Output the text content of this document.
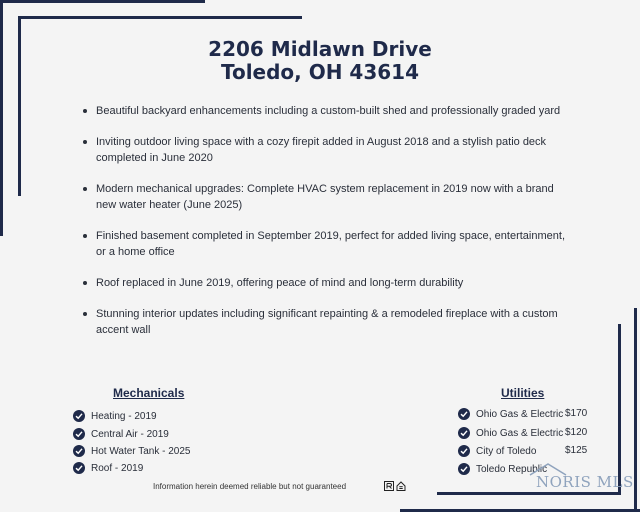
2206 Midlawn Drive
Toledo, OH 43614
Beautiful backyard enhancements including a custom-built shed and professionally graded yard
Inviting outdoor living space with a cozy firepit added in August 2018 and a stylish patio deck completed in June 2020
Modern mechanical upgrades: Complete HVAC system replacement in 2019 now with a brand new water heater (June 2025)
Finished basement completed in September 2019, perfect for added living space, entertainment, or a home office
Roof replaced in June 2019, offering peace of mind and long-term durability
Stunning interior updates including significant repainting & a remodeled fireplace with a custom accent wall
Mechanicals
Heating - 2019
Central Air - 2019
Hot Water Tank - 2025
Roof - 2019
Utilities
Ohio Gas & Electric $170
Ohio Gas & Electric $120
City of Toledo	$125
Toledo Republic
Information herein deemed reliable but not guaranteed	NORIS MLS
